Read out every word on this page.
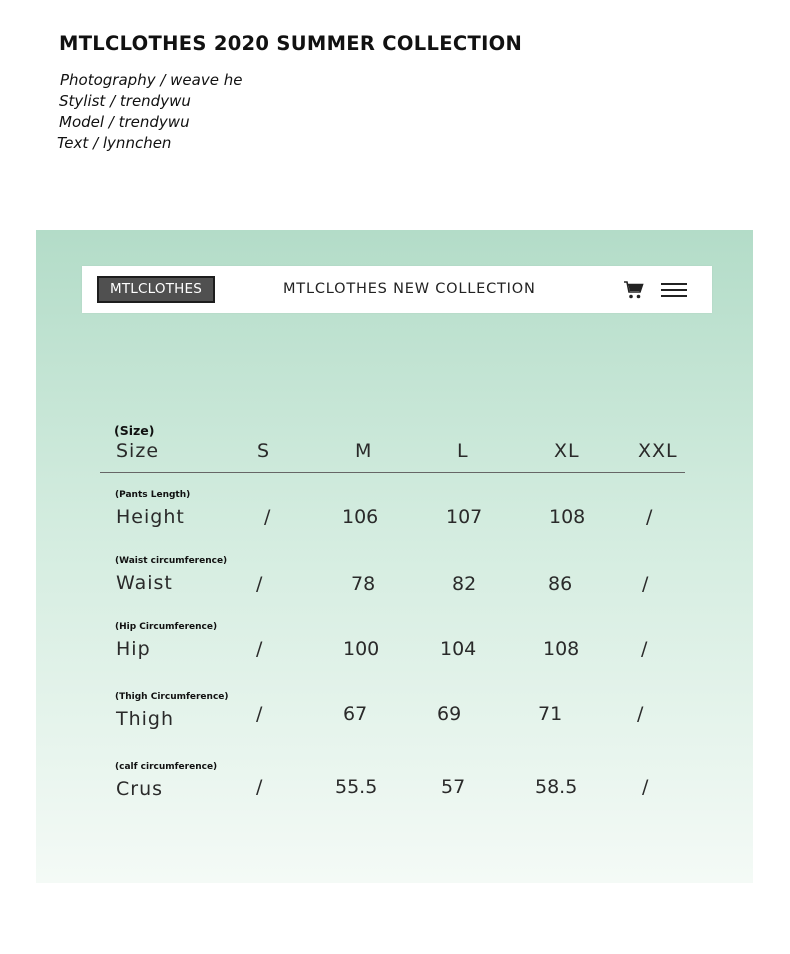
MTLCLOTHES 2020 SUMMER COLLECTION
Photography / weave he
Stylist / trendywu
Model / trendywu
Text / lynnchen
MTLCLOTHES	MTLCLOTHES NEW COLLECTION
(Size)
Size	S	M	L	XL	XXL
(Pants Length)
Height	/	106	107	108	/
(Waist circumference)
Waist	/	78	82	86	/
(Hip Circumference)
Hip	/	100	104	108	/
(Thigh Circumference)
Thigh	/	67	69	71	/
(calf circumference)
Crus	/	55.5	57	58.5	/
